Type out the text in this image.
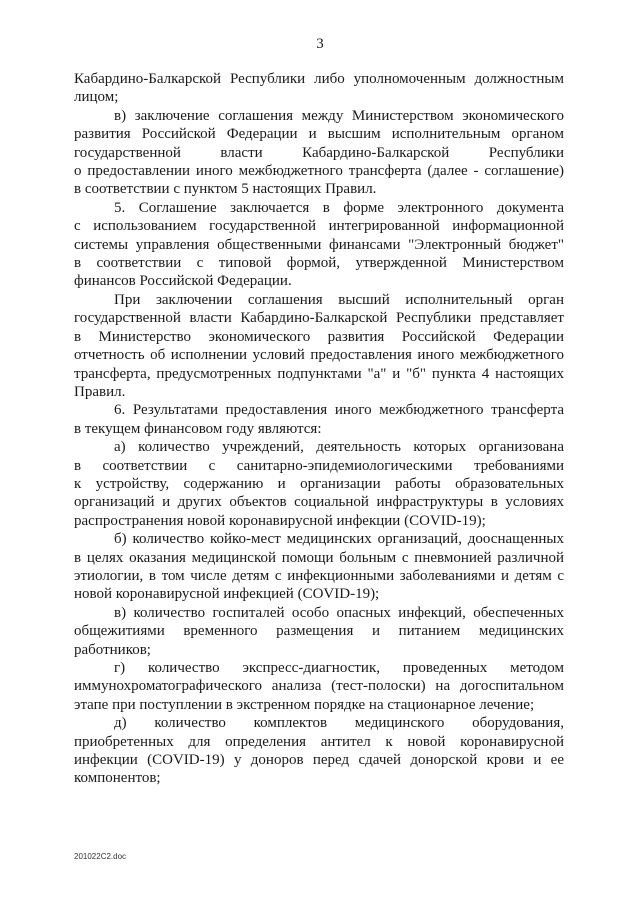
3

Кабардино-Балкарской Республики либо уполномоченным должностным
лицом;

в) заключение соглашения между Министерством экономического
развития Российской Федерации и высшим исполнительным органом
государственной власти Кабардино-Балкарской Республики
о предоставлении иного межбюджетного трансферта (далее - соглашение)
в соответствии с пунктом 5 настоящих Правил.

5. Соглашение заключается в форме электронного документа
с использованием государственной интегрированной информационной
системы управления общественными финансами "Электронный бюджет"
в соответствии с типовой формой, утвержденной Министерством
финансов Российской Федерации.

При заключении соглашения высший исполнительный орган
государственной власти Кабардино-Балкарской Республики представляет
в Министерство экономического развития Российской Федерации
отчетность об исполнении условий предоставления иного межбюджетного
трансферта, предусмотренных подпунктами "а" и "б" пункта 4 настоящих
Правил.

6. Результатами предоставления иного межбюджетного трансферта
в текущем финансовом году являются:

а) количество учреждений, деятельность которых организована
в соответствии с санитарно-эпидемиологическими требованиями
к устройству, содержанию и организации работы образовательных
организаций и других объектов социальной инфраструктуры в условиях
распространения новой коронавирусной инфекции (COVID-19);

б) количество койко-мест медицинских организаций, дооснащенных
в целях оказания медицинской помощи больным с пневмонией различной
этиологии, в том числе детям с инфекционными заболеваниями и детям с
новой коронавирусной инфекцией (COVID-19);

в) количество госпиталей особо опасных инфекций, обеспеченных
общежитиями временного размещения и питанием медицинских
работников;

г) количество экспресс-диагностик, проведенных методом
иммунохроматографического анализа (тест-полоски) на догоспитальном
этапе при поступлении в экстренном порядке на стационарное лечение;

д) количество комплектов медицинского оборудования,
приобретенных для определения антител к новой коронавирусной
инфекции (COVID-19) у доноров перед сдачей донорской крови и ее
компонентов;

201022C2.doc
